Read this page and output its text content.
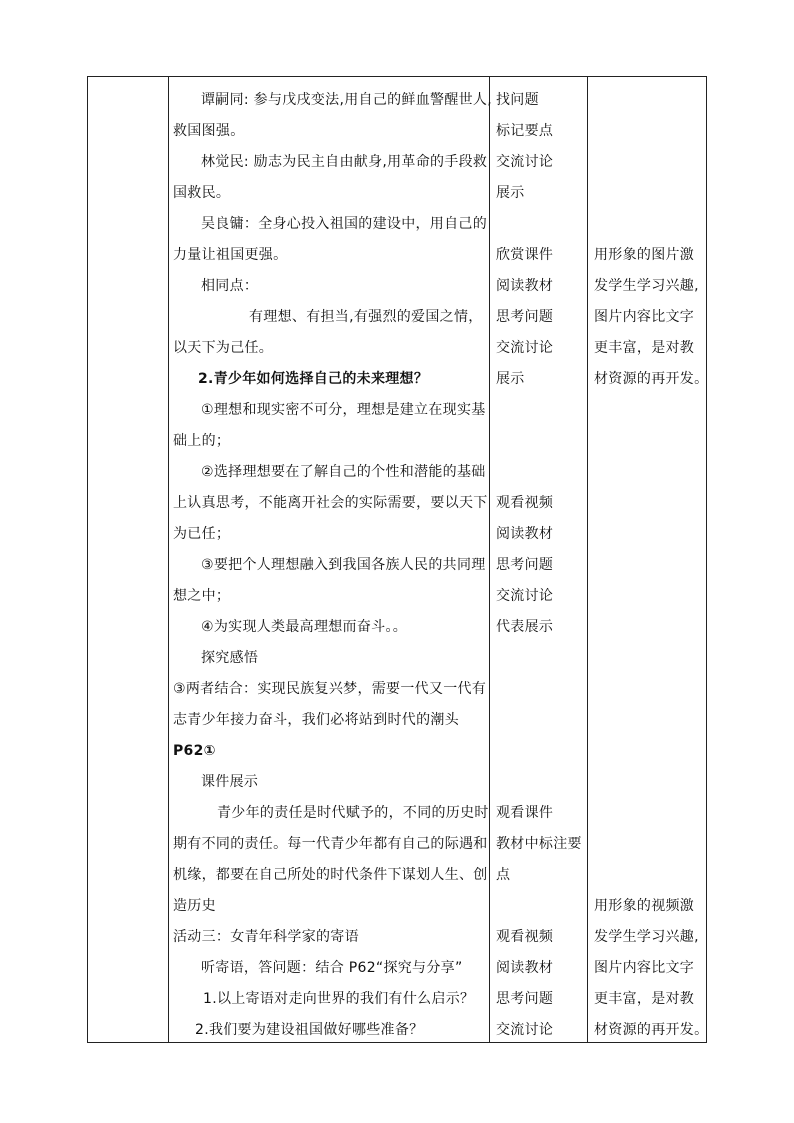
谭嗣同: 参与戊戌变法,用自己的鲜血警醒世人,
救国图强。
林觉民: 励志为民主自由献身,用革命的手段救
国救民。
吴良镛：全身心投入祖国的建设中，用自己的
力量让祖国更强。
相同点：
有理想、有担当,有强烈的爱国之情，
以天下为己任。
2.青少年如何选择自己的未来理想？
①理想和现实密不可分，理想是建立在现实基
础上的；
②选择理想要在了解自己的个性和潜能的基础
上认真思考，不能离开社会的实际需要，要以天下
为已任；
③要把个人理想融入到我国各族人民的共同理
想之中；
④为实现人类最高理想而奋斗。。
探究感悟
③两者结合：实现民族复兴梦，需要一代又一代有
志青少年接力奋斗，我们必将站到时代的潮头
P62①
课件展示
青少年的责任是时代赋予的，不同的历史时
期有不同的责任。每一代青少年都有自己的际遇和
机缘，都要在自己所处的时代条件下谋划人生、创
造历史
活动三：女青年科学家的寄语
听寄语，答问题：结合 P62“探究与分享”
1.以上寄语对走向世界的我们有什么启示？
2.我们要为建设祖国做好哪些准备？
找问题
标记要点
交流讨论
展示
欣赏课件
阅读教材
思考问题
交流讨论
展示
观看视频
阅读教材
思考问题
交流讨论
代表展示
观看课件
教材中标注要
点
观看视频
阅读教材
思考问题
交流讨论
用形象的图片激
发学生学习兴趣,
图片内容比文字
更丰富，是对教
材资源的再开发。
用形象的视频激
发学生学习兴趣,
图片内容比文字
更丰富，是对教
材资源的再开发。
